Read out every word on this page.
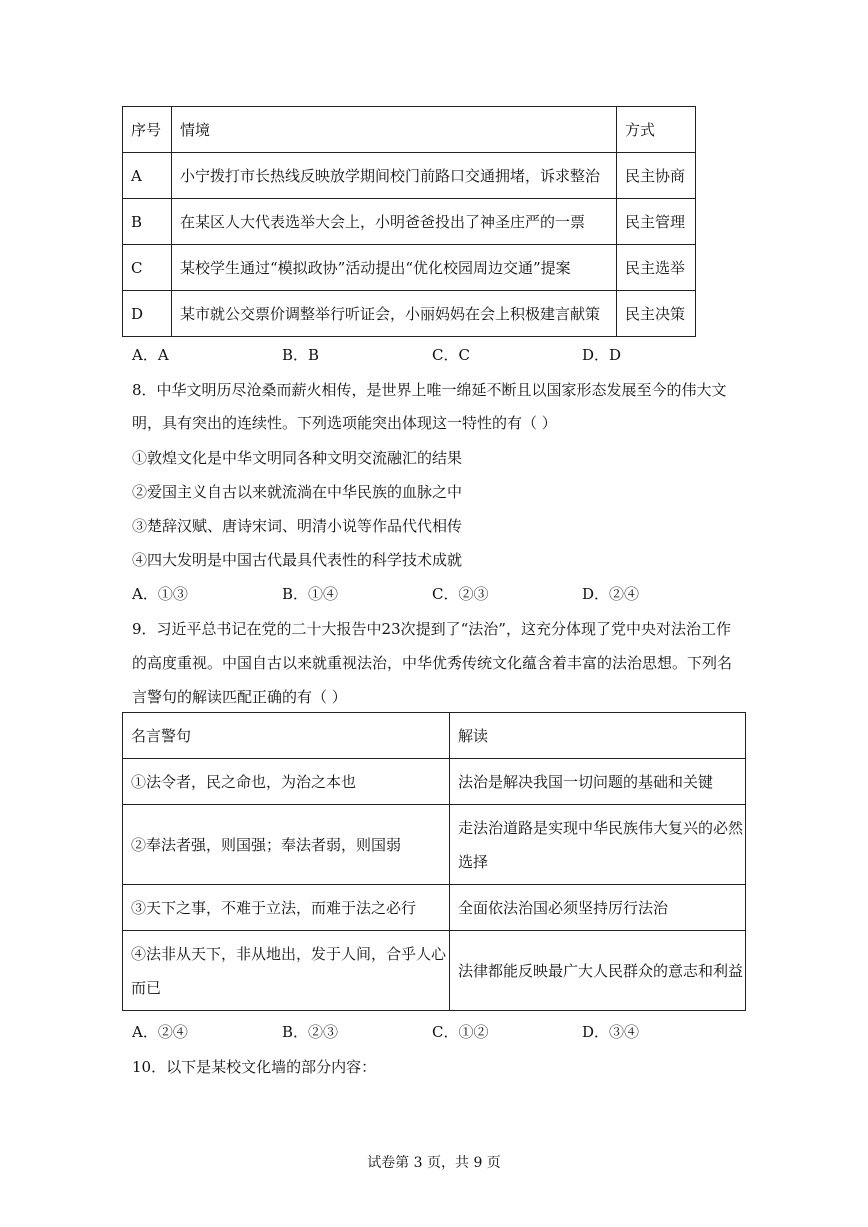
序号	情境	方式
A	小宁拨打市长热线反映放学期间校门前路口交通拥堵，诉求整治	民主协商
B	在某区人大代表选举大会上，小明爸爸投出了神圣庄严的一票	民主管理
C	某校学生通过“模拟政协”活动提出“优化校园周边交通”提案	民主选举
D	某市就公交票价调整举行听证会，小丽妈妈在会上积极建言献策	民主决策
A．A	B．B	C．C	D．D
8．中华文明历尽沧桑而薪火相传，是世界上唯一绵延不断且以国家形态发展至今的伟大文
明，具有突出的连续性。下列选项能突出体现这一特性的有（ ）
①敦煌文化是中华文明同各种文明交流融汇的结果
②爱国主义自古以来就流淌在中华民族的血脉之中
③楚辞汉赋、唐诗宋词、明清小说等作品代代相传
④四大发明是中国古代最具代表性的科学技术成就
A．①③	B．①④	C．②③	D．②④
9．习近平总书记在党的二十大报告中23次提到了“法治”，这充分体现了党中央对法治工作
的高度重视。中国自古以来就重视法治，中华优秀传统文化蕴含着丰富的法治思想。下列名
言警句的解读匹配正确的有（ ）
名言警句	解读
①法令者，民之命也，为治之本也	法治是解决我国一切问题的基础和关键
②奉法者强，则国强；奉法者弱，则国弱	走法治道路是实现中华民族伟大复兴的必然选择
③天下之事，不难于立法，而难于法之必行	全面依法治国必须坚持厉行法治
④法非从天下，非从地出，发于人间，合乎人心而已	法律都能反映最广大人民群众的意志和利益
A．②④	B．②③	C．①②	D．③④
10．以下是某校文化墙的部分内容：
试卷第 3 页，共 9 页
